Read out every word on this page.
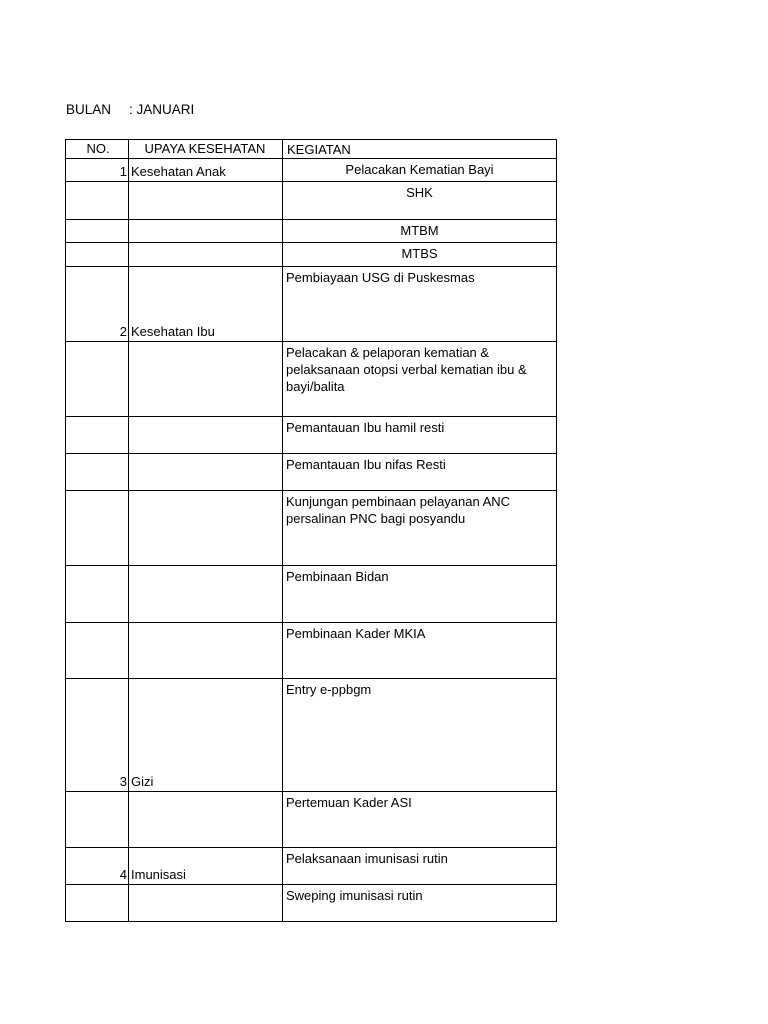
BULAN : JANUARI
NO.	UPAYA KESEHATAN	KEGIATAN
1	Kesehatan Anak	Pelacakan Kematian Bayi
		SHK
		MTBM
		MTBS
2	Kesehatan Ibu	Pembiayaan USG di Puskesmas
		Pelacakan & pelaporan kematian & pelaksanaan otopsi verbal kematian ibu & bayi/balita
		Pemantauan Ibu hamil resti
		Pemantauan Ibu nifas Resti
		Kunjungan pembinaan pelayanan ANC persalinan PNC bagi posyandu
		Pembinaan Bidan
		Pembinaan Kader MKIA
3	Gizi	Entry e-ppbgm
		Pertemuan Kader ASI
4	Imunisasi	Pelaksanaan imunisasi rutin
		Sweping imunisasi rutin
